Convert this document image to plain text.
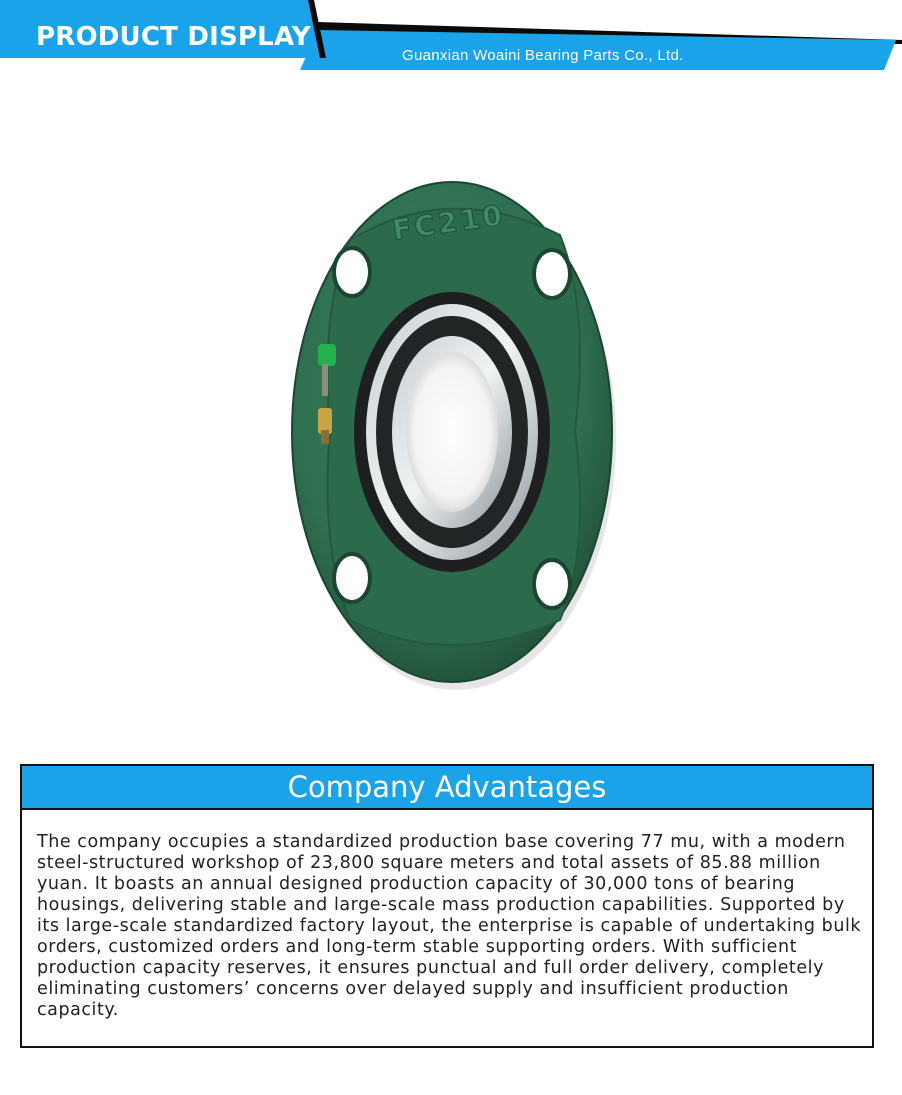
PRODUCT DISPLAY
Guanxian Woaini Bearing Parts Co., Ltd.
FC210
Company Advantages
The company occupies a standardized production base covering 77 mu, with a modern steel-structured workshop of 23,800 square meters and total assets of 85.88 million yuan. It boasts an annual designed production capacity of 30,000 tons of bearing housings, delivering stable and large-scale mass production capabilities. Supported by its large-scale standardized factory layout, the enterprise is capable of undertaking bulk orders, customized orders and long-term stable supporting orders. With sufficient production capacity reserves, it ensures punctual and full order delivery, completely eliminating customers’ concerns over delayed supply and insufficient production capacity.
